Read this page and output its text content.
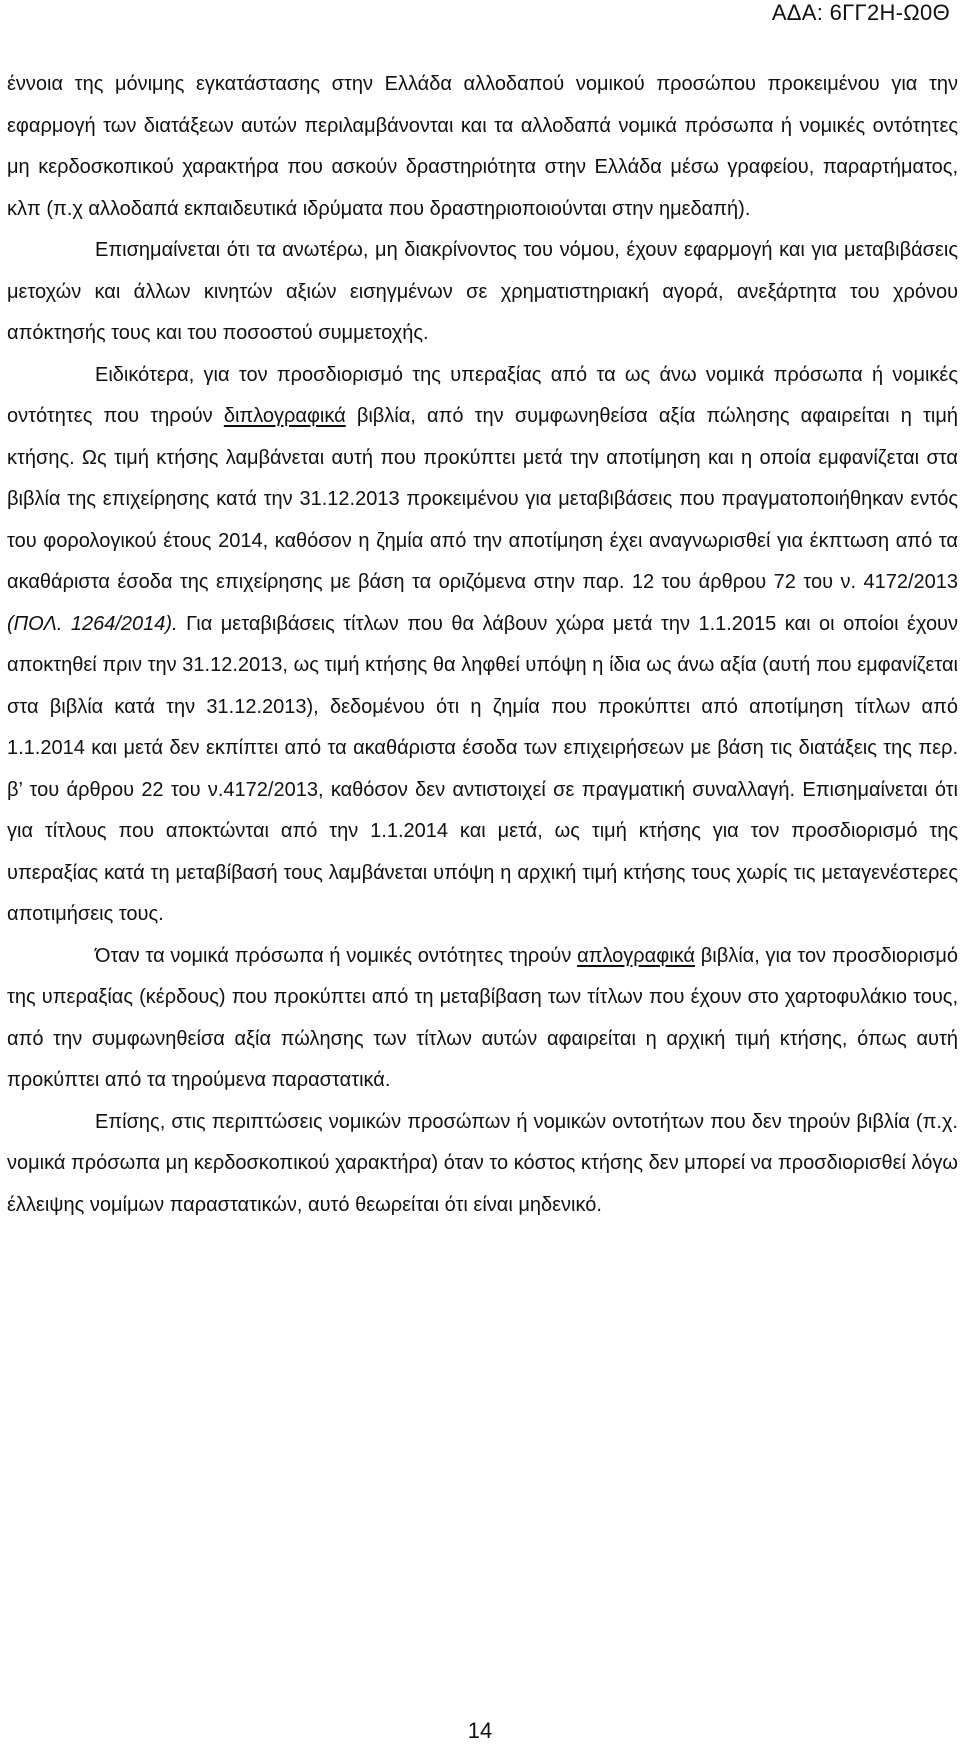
ΑΔΑ: 6ΓΓ2Η-Ω0Θ

έννοια της μόνιμης εγκατάστασης στην Ελλάδα αλλοδαπού νομικού προσώπου προκειμένου για την εφαρμογή των διατάξεων αυτών περιλαμβάνονται και τα αλλοδαπά νομικά πρόσωπα ή νομικές οντότητες μη κερδοσκοπικού χαρακτήρα που ασκούν δραστηριότητα στην Ελλάδα μέσω γραφείου, παραρτήματος, κλπ (π.χ αλλοδαπά εκπαιδευτικά ιδρύματα που δραστηριοποιούνται στην ημεδαπή).

Επισημαίνεται ότι τα ανωτέρω, μη διακρίνοντος του νόμου, έχουν εφαρμογή και για μεταβιβάσεις μετοχών και άλλων κινητών αξιών εισηγμένων σε χρηματιστηριακή αγορά, ανεξάρτητα του χρόνου απόκτησής τους και του ποσοστού συμμετοχής.

Ειδικότερα, για τον προσδιορισμό της υπεραξίας από τα ως άνω νομικά πρόσωπα ή νομικές οντότητες που τηρούν διπλογραφικά βιβλία, από την συμφωνηθείσα αξία πώλησης αφαιρείται η τιμή κτήσης. Ως τιμή κτήσης λαμβάνεται αυτή που προκύπτει μετά την αποτίμηση και η οποία εμφανίζεται στα βιβλία της επιχείρησης κατά την 31.12.2013 προκειμένου για μεταβιβάσεις που πραγματοποιήθηκαν εντός του φορολογικού έτους 2014, καθόσον η ζημία από την αποτίμηση έχει αναγνωρισθεί για έκπτωση από τα ακαθάριστα έσοδα της επιχείρησης με βάση τα οριζόμενα στην παρ. 12 του άρθρου 72 του ν. 4172/2013 (ΠΟΛ. 1264/2014). Για μεταβιβάσεις τίτλων που θα λάβουν χώρα μετά την 1.1.2015 και οι οποίοι έχουν αποκτηθεί πριν την 31.12.2013, ως τιμή κτήσης θα ληφθεί υπόψη η ίδια ως άνω αξία (αυτή που εμφανίζεται στα βιβλία κατά την 31.12.2013), δεδομένου ότι η ζημία που προκύπτει από αποτίμηση τίτλων από 1.1.2014 και μετά δεν εκπίπτει από τα ακαθάριστα έσοδα των επιχειρήσεων με βάση τις διατάξεις της περ. β’ του άρθρου 22 του ν.4172/2013, καθόσον δεν αντιστοιχεί σε πραγματική συναλλαγή. Επισημαίνεται ότι για τίτλους που αποκτώνται από την 1.1.2014 και μετά, ως τιμή κτήσης για τον προσδιορισμό της υπεραξίας κατά τη μεταβίβασή τους λαμβάνεται υπόψη η αρχική τιμή κτήσης τους χωρίς τις μεταγενέστερες αποτιμήσεις τους.

Όταν τα νομικά πρόσωπα ή νομικές οντότητες τηρούν απλογραφικά βιβλία, για τον προσδιορισμό της υπεραξίας (κέρδους) που προκύπτει από τη μεταβίβαση των τίτλων που έχουν στο χαρτοφυλάκιο τους, από την συμφωνηθείσα αξία πώλησης των τίτλων αυτών αφαιρείται η αρχική τιμή κτήσης, όπως αυτή προκύπτει από τα τηρούμενα παραστατικά.

Επίσης, στις περιπτώσεις νομικών προσώπων ή νομικών οντοτήτων που δεν τηρούν βιβλία (π.χ. νομικά πρόσωπα μη κερδοσκοπικού χαρακτήρα) όταν το κόστος κτήσης δεν μπορεί να προσδιορισθεί λόγω έλλειψης νομίμων παραστατικών, αυτό θεωρείται ότι είναι μηδενικό.

14
